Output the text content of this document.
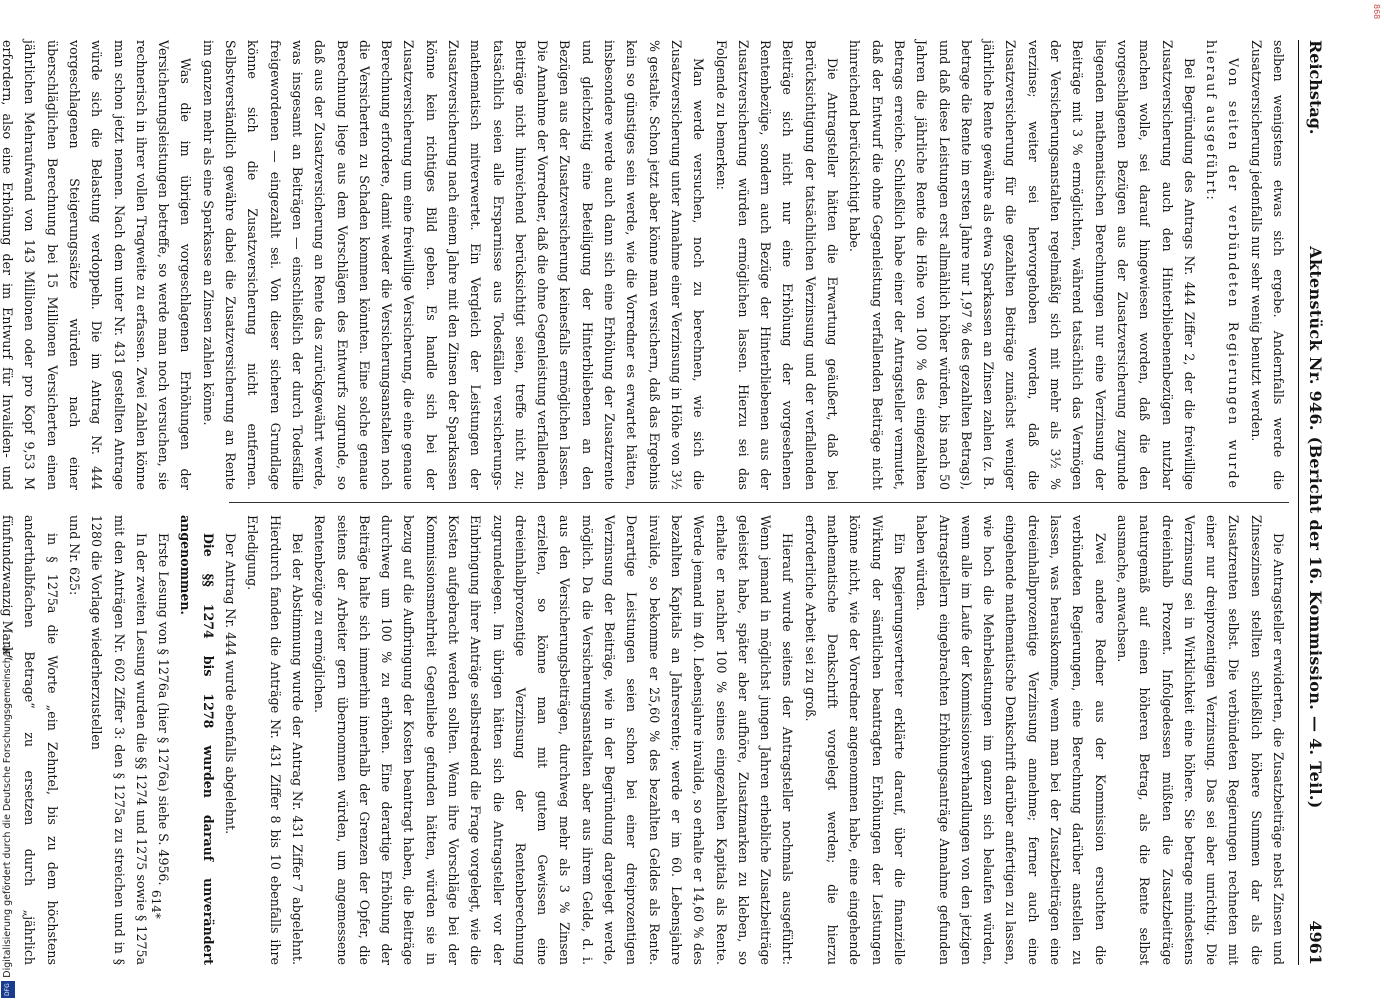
868
Digitalisierung gefördert durch die Deutsche Forschungsgemeinschaft -
DFG
Reichstag.
Aktenstück Nr. 946. (Bericht der 16. Kommission. — 4. Teil.)
4961

selben wenigstens etwas sich ergebe. Andernfalls werde die Zusatzversicherung jedenfalls nur sehr wenig benutzt werden.

Von seiten der verbündeten Regierungen wurde hierauf ausgeführt:

Bei Begründung des Antrags Nr. 444 Ziffer 2, der die freiwillige Zusatzversicherung auch den Hinterbliebenenbezügen nutzbar machen wolle, sei darauf hingewiesen worden, daß die den vorgeschlagenen Bezügen aus der Zusatzversicherung zugrunde liegenden mathematischen Berechnungen nur eine Verzinsung der Beiträge mit 3 % ermöglichten, während tatsächlich das Vermögen der Versicherungsanstalten regelmäßig sich mit mehr als 3½ % verzinse; weiter sei hervorgehoben worden, daß die Zusatzversicherung für die gezahlten Beiträge zunächst weniger jährliche Rente gewähre als etwa Sparkassen an Zinsen zahlen (z. B. betrage die Rente im ersten Jahre nur 1,97 % des gezahlten Betrags), und daß diese Leistungen erst allmählich höher würden, bis nach 50 Jahren die jährliche Rente die Höhe von 100 % des eingezahlten Betrags erreiche. Schließlich habe einer der Antragsteller vermutet, daß der Entwurf die ohne Gegenleistung verfallenden Beiträge nicht hinreichend berücksichtigt habe.

Die Antragsteller hätten die Erwartung geäußert, daß bei Berücksichtigung der tatsächlichen Verzinsung und der verfallenden Beiträge sich nicht nur eine Erhöhung der vorgesehenen Rentenbezüge, sondern auch Bezüge der Hinterbliebenen aus der Zusatzversicherung würden ermöglichen lassen. Hierzu sei das Folgende zu bemerken:

Man werde versuchen, noch zu berechnen, wie sich die Zusatzversicherung unter Annahme einer Verzinsung in Höhe von 3½ % gestalte. Schon jetzt aber könne man versichern, daß das Ergebnis kein so günstiges sein werde, wie die Vorredner es erwartet hätten, insbesondere werde auch dann sich eine Erhöhung der Zusatzrente und gleichzeitig eine Beteiligung der Hinterbliebenen an den Bezügen aus der Zusatzversicherung keinesfalls ermöglichen lassen. Die Annahme der Vorredner, daß die ohne Gegenleistung verfallenden Beiträge nicht hinreichend berücksichtigt seien, treffe nicht zu; tatsächlich seien alle Ersparnisse aus Todesfällen versicherungs-mathematisch mitverwertet. Ein Vergleich der Leistungen der Zusatzversicherung nach einem Jahre mit den Zinsen der Sparkassen könne kein richtiges Bild geben. Es handle sich bei der Zusatzversicherung um eine freiwillige Versicherung, die eine genaue Berechnung erfordere, damit weder die Versicherungsanstalten noch die Versicherten zu Schaden kommen könnten. Eine solche genaue Berechnung liege aus dem Vorschlägen des Entwurfs zugrunde, so daß aus der Zusatzversicherung an Rente das zurückgewährt werde, was insgesamt an Beiträgen — einschließlich der durch Todesfälle freigewordenen — eingezahlt sei. Von dieser sicheren Grundlage könne sich die Zusatzversicherung nicht entfernen. Selbstverständlich gewähre dabei die Zusatzversicherung an Rente im ganzen mehr als eine Sparkasse an Zinsen zahlen könne.

Was die im übrigen vorgeschlagenen Erhöhungen der Versicherungsleistungen betreffe, so werde man noch versuchen, sie rechnerisch in ihrer vollen Tragweite zu erfassen. Zwei Zahlen könne man schon jetzt nennen. Nach dem unter Nr. 431 gestellten Antrage würde sich die Belastung verdoppeln. Die im Antrag Nr. 444 vorgeschlagenen Steigerungssätze würden nach einer überschläglichen Berechnung bei 15 Millionen Versicherten einen jährlichen Mehraufwand von 143 Millionen oder pro Kopf 9,53 M erfordern, also eine Erhöhung der im Entwurf für Invaliden- und

Die Antragsteller erwiderten, die Zusatzbeiträge nebst Zinsen und Zinseszinsen stellten schließlich höhere Summen dar als die Zusatzrenten selbst. Die verbündeten Regierungen rechneten mit einer nur dreiprozentigen Verzinsung. Das sei aber unrichtig. Die Verzinsung sei in Wirklichkeit eine höhere. Sie betrage mindestens dreieinhalb Prozent. Infolgedessen müßten die Zusatzbeiträge naturgemäß auf einen höheren Betrag, als die Rente selbst ausmache, anwachsen.

Zwei andere Redner aus der Kommission ersuchten die verbündeten Regierungen, eine Berechnung darüber anstellen zu lassen, was herauskomme, wenn man bei der Zusatzbeiträgen eine dreieinhalbprozentige Verzinsung annehme; ferner auch eine eingehende mathematische Denkschrift darüber anfertigen zu lassen, wie hoch die Mehrbelastungen im ganzen sich belaufen würden, wenn alle im Laufe der Kommissionsverhandlungen von den jetzigen Antragstellern eingebrachten Erhöhungsanträge Annahme gefunden haben würden.

Ein Regierungsvertreter erklärte darauf, über die finanzielle Wirkung der sämtlichen beantragten Erhöhungen der Leistungen könne nicht, wie der Vorredner angenommen habe, eine eingehende mathematische Denkschrift vorgelegt werden; die hierzu erforderliche Arbeit sei zu groß.

Hierauf wurde seitens der Antragsteller nochmals ausgeführt: Wenn jemand in möglichst jungen Jahren erhebliche Zusatzbeiträge geleistet habe, später aber aufhöre, Zusatzmarken zu kleben, so erhalte er nachher 100 % seines eingezahlten Kapitals als Rente. Werde jemand im 40. Lebensjahre invalide, so erhalte er 14,60 % des bezahlten Kapitals an Jahresrente; werde er im 60. Lebensjahre invalide, so bekomme er 25,60 % des bezahlten Geldes als Rente. Derartige Leistungen seien schon bei einer dreiprozentigen Verzinsung der Beiträge, wie in der Begründung dargelegt werde, möglich. Da die Versicherungsanstalten aber aus ihrem Gelde, d. i. aus den Versicherungsbeiträgen, durchweg mehr als 3 % Zinsen erzielten, so könne man mit gutem Gewissen eine dreieinhalbprozentige Verzinsung der Rentenberechnung zugrundelegen. Im übrigen hätten sich die Antragsteller vor der Einbringung ihrer Anträge selbstredend die Frage vorgelegt, wie die Kosten aufgebracht werden sollten. Wenn ihre Vorschläge bei der Kommissionsmehrheit Gegenliebe gefunden hätten, würden sie in bezug auf die Aufbringung der Kosten beantragt haben, die Beiträge durchweg um 100 % zu erhöhen. Eine derartige Erhöhung der Beiträge halte sich immerhin innerhalb der Grenzen der Opfer, die seitens der Arbeiter gern übernommen würden, um angemessene Rentenbezüge zu ermöglichen.

Bei der Abstimmung wurde der Antrag Nr. 431 Ziffer 7 abgelehnt. Hierdurch fanden die Anträge Nr. 431 Ziffer 8 bis 10 ebenfalls ihre Erledigung.

Der Antrag Nr. 444 wurde ebenfalls abgelehnt.

Die §§ 1274 bis 1278 wurden darauf unverändert angenommen.

Erste Lesung von § 1276a (hier § 1276a) siehe S. 4956.

In der zweiten Lesung wurden die §§ 1274 und 1275 sowie § 1275a mit den Anträgen Nr. 602 Ziffer 3: den § 1275a zu streichen und in § 1280 die Vorlage wiederherzustellen

und Nr. 625:

in § 1275a die Worte „ein Zehntel, bis zu dem höchstens anderthalbfachen Betrage“ zu ersetzen durch „jährlich fünfundzwanzig Mark“

614*
